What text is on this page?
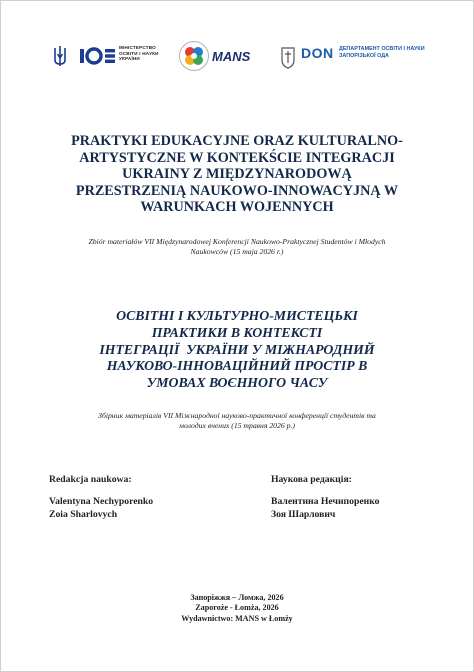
МІНІСТЕРСТВО
ОСВІТИ І НАУКИ
УКРАЇНИ	MANS	DON ДЕПАРТАМЕНТ ОСВІТИ І НАУКИ
ЗАПОРІЗЬКОЇ ОДА
PRAKTYKI EDUKACYJNE ORAZ KULTURALNO-
ARTYSTYCZNE W KONTEKŚCIE INTEGRACJI
UKRAINY Z MIĘDZYNARODOWĄ
PRZESTRZENIĄ NAUKOWO-INNOWACYJNĄ W
WARUNKACH WOJENNYCH
Zbiór materiałów VII Międzynarodowej Konferencji Naukowo-Praktycznej Studentów i Młodych
Naukowców (15 maja 2026 r.)
ОСВІТНІ І КУЛЬТУРНО-МИСТЕЦЬКІ
ПРАКТИКИ В КОНТЕКСТІ
ІНТЕГРАЦІЇ  УКРАЇНИ У МІЖНАРОДНИЙ
НАУКОВО-ІННОВАЦІЙНИЙ ПРОСТІР В
УМОВАХ ВОЄННОГО ЧАСУ
Збірник матеріалів VII Міжнародної науково-практичної конференції студентів та
молодих вчених (15 травня 2026 р.)
Redakcja naukowa:
Valentyna Nechyporenko
Zoia Sharlovych
Наукова редакція:
Валентина Нечипоренко
Зоя Шарлович
Запоріжжя – Ломжа, 2026
Zaporoże - Łomża, 2026
Wydawnictwo: MANS w Łomży
